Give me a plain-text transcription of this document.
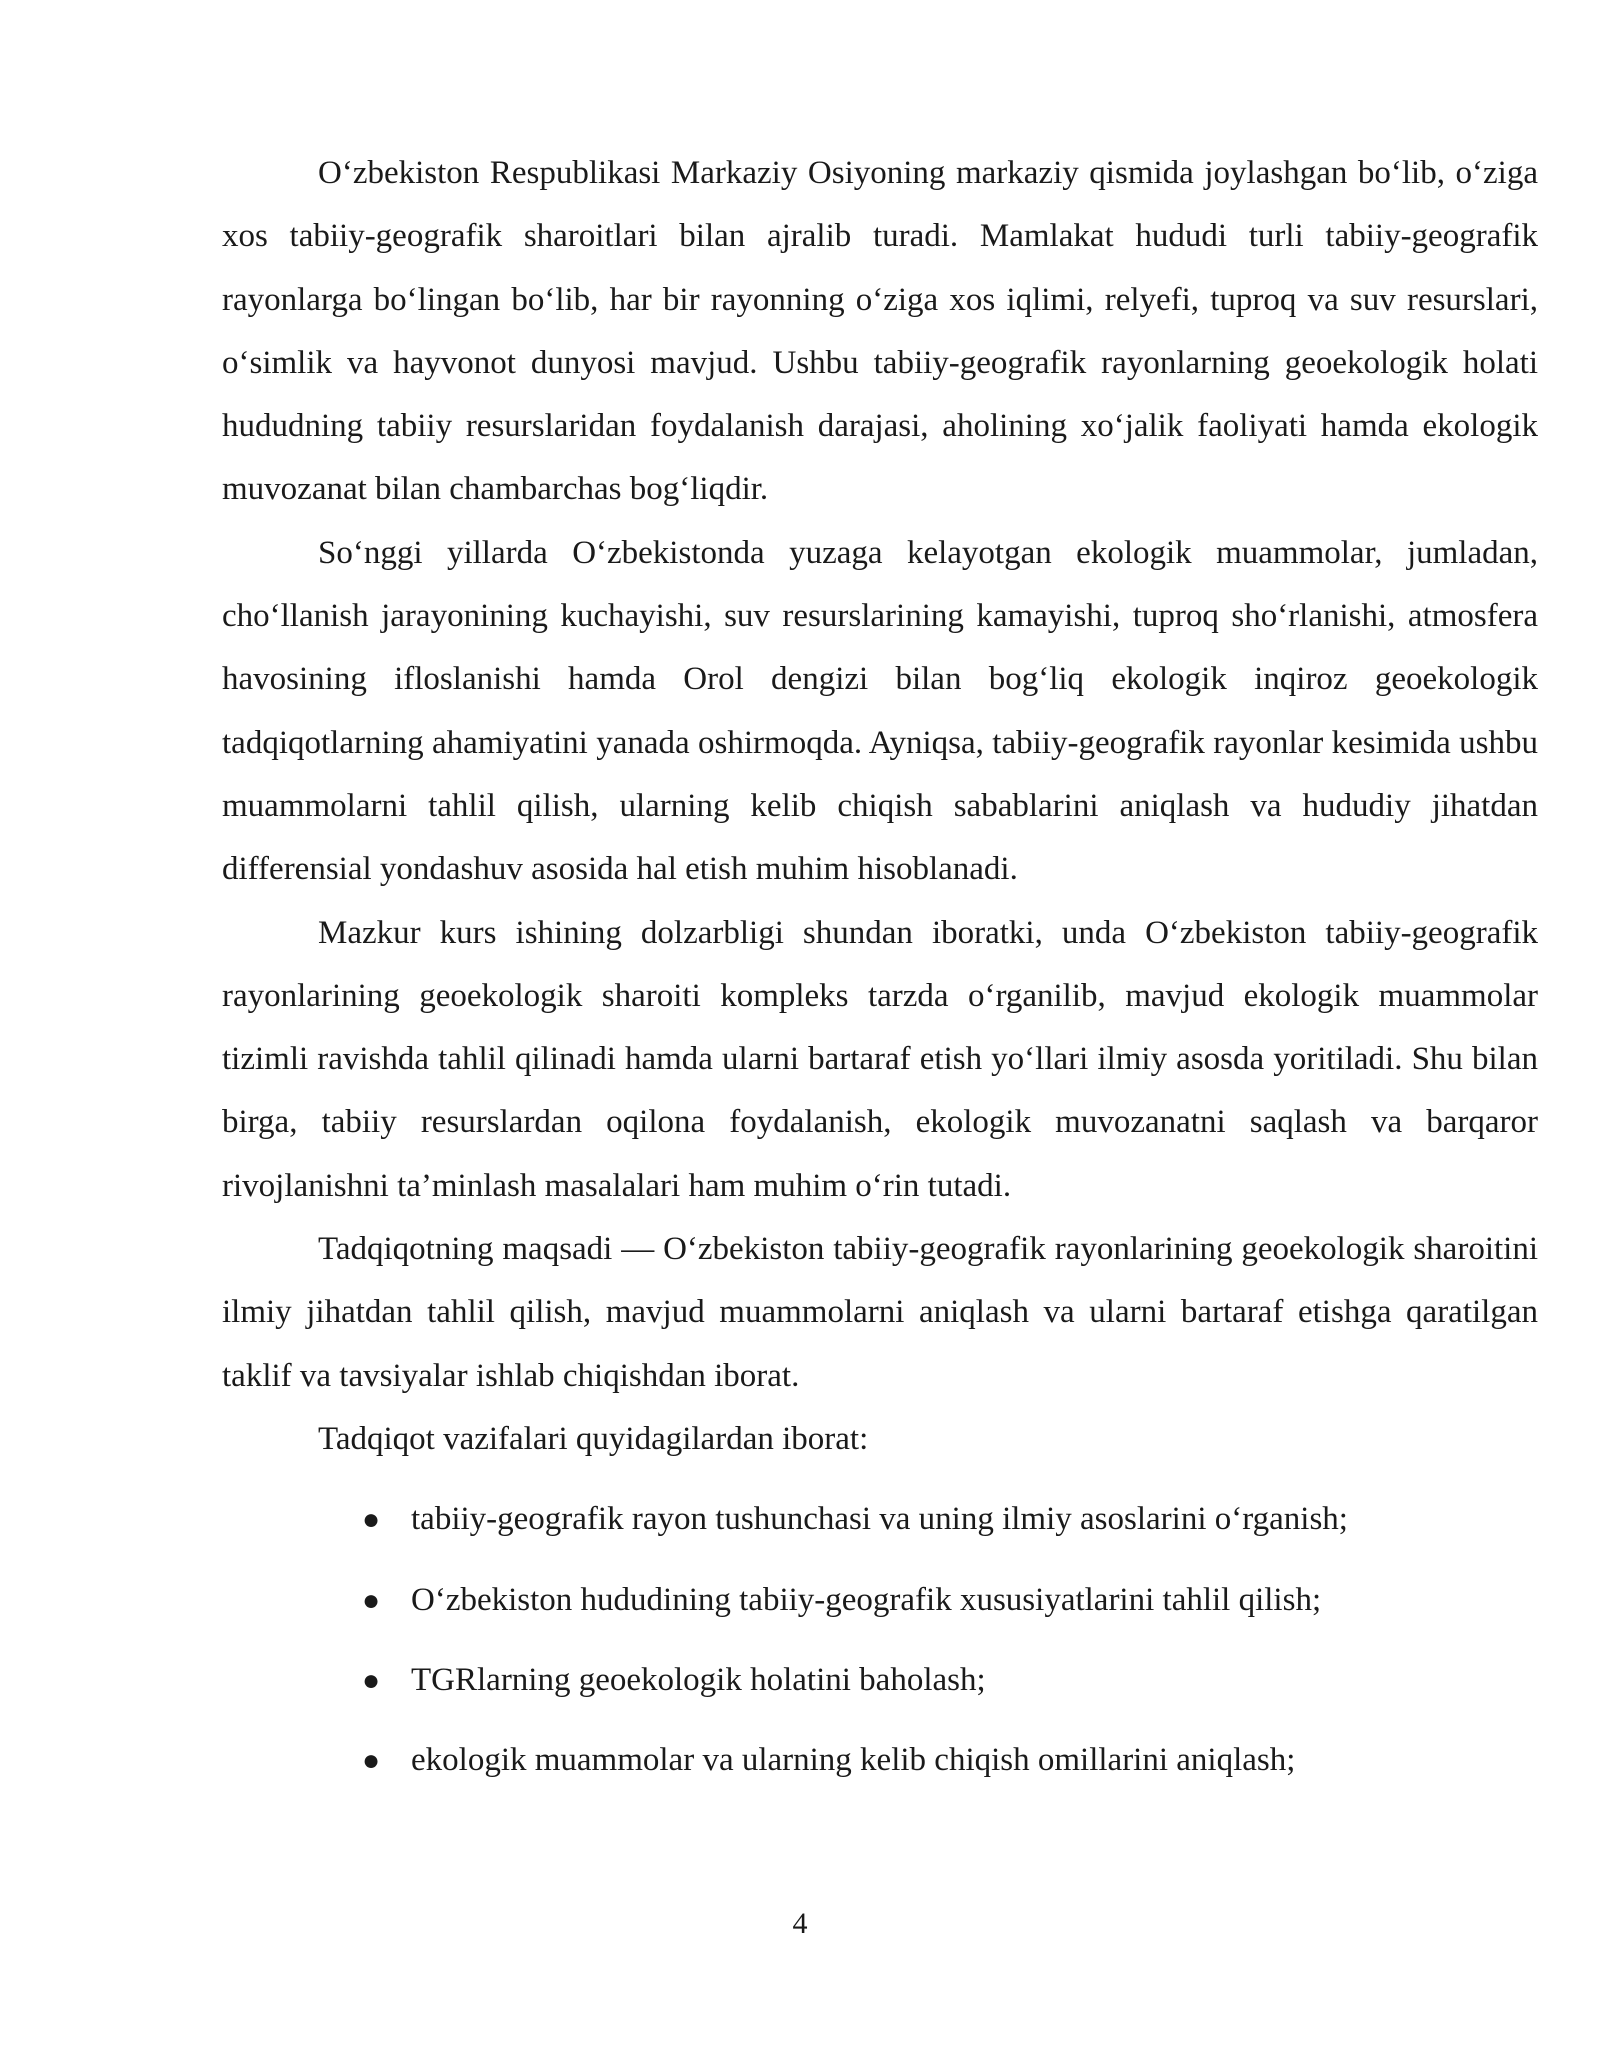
O‘zbekiston Respublikasi Markaziy Osiyoning markaziy qismida joylashgan bo‘lib, o‘ziga xos tabiiy-geografik sharoitlari bilan ajralib turadi. Mamlakat hududi turli tabiiy-geografik rayonlarga bo‘lingan bo‘lib, har bir rayonning o‘ziga xos iqlimi, relyefi, tuproq va suv resurslari, o‘simlik va hayvonot dunyosi mavjud. Ushbu tabiiy-geografik rayonlarning geoekologik holati hududning tabiiy resurslaridan foydalanish darajasi, aholining xo‘jalik faoliyati hamda ekologik muvozanat bilan chambarchas bog‘liqdir.

So‘nggi yillarda O‘zbekistonda yuzaga kelayotgan ekologik muammolar, jumladan, cho‘llanish jarayonining kuchayishi, suv resurslarining kamayishi, tuproq sho‘rlanishi, atmosfera havosining ifloslanishi hamda Orol dengizi bilan bog‘liq ekologik inqiroz geoekologik tadqiqotlarning ahamiyatini yanada oshirmoqda. Ayniqsa, tabiiy-geografik rayonlar kesimida ushbu muammolarni tahlil qilish, ularning kelib chiqish sabablarini aniqlash va hududiy jihatdan differensial yondashuv asosida hal etish muhim hisoblanadi.

Mazkur kurs ishining dolzarbligi shundan iboratki, unda O‘zbekiston tabiiy-geografik rayonlarining geoekologik sharoiti kompleks tarzda o‘rganilib, mavjud ekologik muammolar tizimli ravishda tahlil qilinadi hamda ularni bartaraf etish yo‘llari ilmiy asosda yoritiladi. Shu bilan birga, tabiiy resurslardan oqilona foydalanish, ekologik muvozanatni saqlash va barqaror rivojlanishni ta’minlash masalalari ham muhim o‘rin tutadi.

Tadqiqotning maqsadi — O‘zbekiston tabiiy-geografik rayonlarining geoekologik sharoitini ilmiy jihatdan tahlil qilish, mavjud muammolarni aniqlash va ularni bartaraf etishga qaratilgan taklif va tavsiyalar ishlab chiqishdan iborat.

Tadqiqot vazifalari quyidagilardan iborat:

● tabiiy-geografik rayon tushunchasi va uning ilmiy asoslarini o‘rganish;
● O‘zbekiston hududining tabiiy-geografik xususiyatlarini tahlil qilish;
● TGRlarning geoekologik holatini baholash;
● ekologik muammolar va ularning kelib chiqish omillarini aniqlash;
4
